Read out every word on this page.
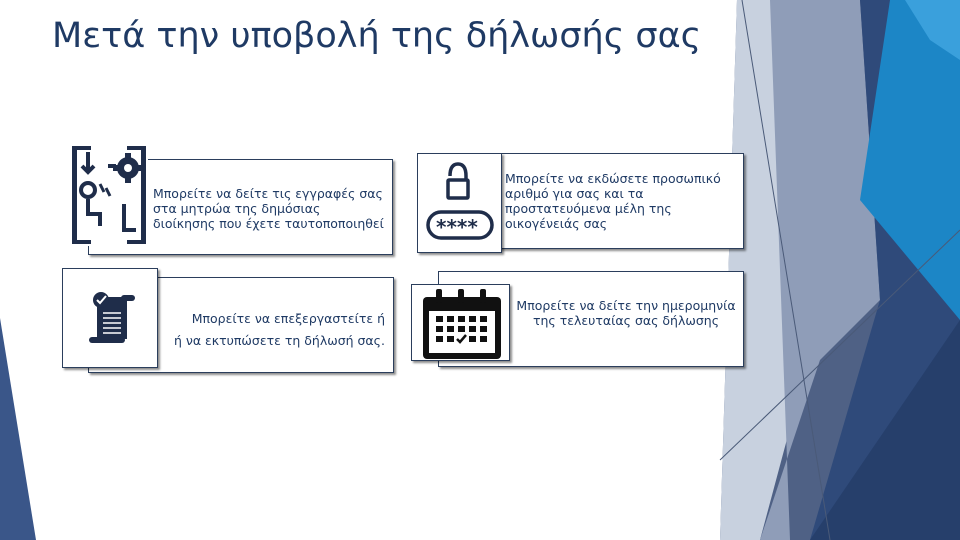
Μετά την υποβολή της δήλωσής σας
Μπορείτε να δείτε τις εγγραφές σας στα μητρώα της δημόσιας διοίκησης που έχετε ταυτοποποιηθεί
Μπορείτε να εκδώσετε προσωπικό αριθμό για σας και τα προστατευόμενα μέλη της οικογένειάς σας
****
Μπορείτε να επεξεργαστείτε ή
ή να εκτυπώσετε τη δήλωσή σας.
Μπορείτε να δείτε την ημερομηνία της τελευταίας σας δήλωσης
